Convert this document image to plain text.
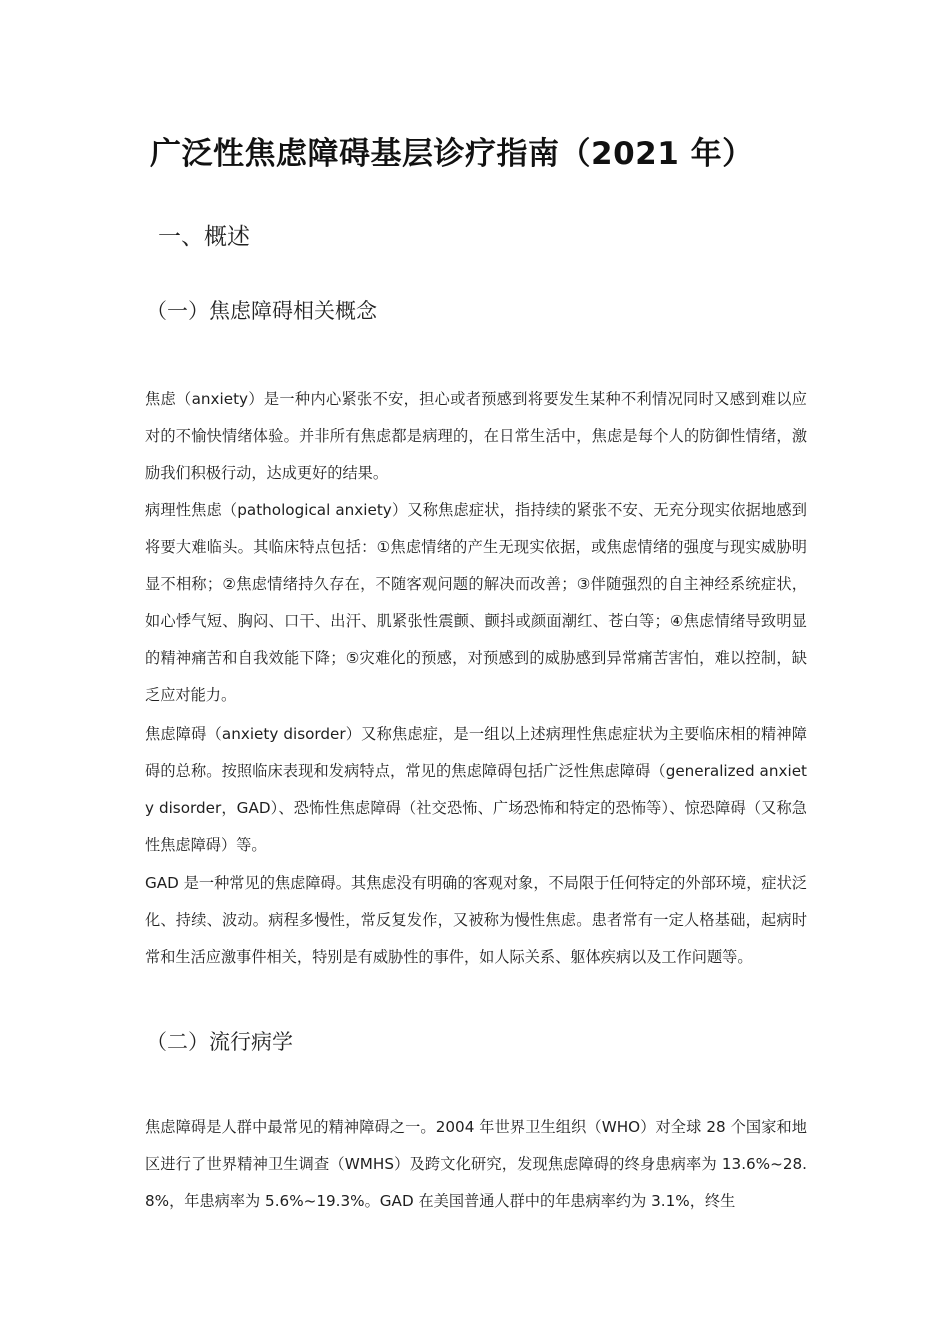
广泛性焦虑障碍基层诊疗指南（2021 年）
一、概述
（一）焦虑障碍相关概念

焦虑（anxiety）是一种内心紧张不安，担心或者预感到将要发生某种不利情况同时又感到难以应对的不愉快情绪体验。并非所有焦虑都是病理的，在日常生活中，焦虑是每个人的防御性情绪，激励我们积极行动，达成更好的结果。

病理性焦虑（pathological anxiety）又称焦虑症状，指持续的紧张不安、无充分现实依据地感到将要大难临头。其临床特点包括：①焦虑情绪的产生无现实依据，或焦虑情绪的强度与现实威胁明显不相称；②焦虑情绪持久存在，不随客观问题的解决而改善；③伴随强烈的自主神经系统症状，如心悸气短、胸闷、口干、出汗、肌紧张性震颤、颤抖或颜面潮红、苍白等；④焦虑情绪导致明显的精神痛苦和自我效能下降；⑤灾难化的预感，对预感到的威胁感到异常痛苦害怕，难以控制，缺乏应对能力。

焦虑障碍（anxiety disorder）又称焦虑症，是一组以上述病理性焦虑症状为主要临床相的精神障碍的总称。按照临床表现和发病特点，常见的焦虑障碍包括广泛性焦虑障碍（generalized anxiety disorder，GAD）、恐怖性焦虑障碍（社交恐怖、广场恐怖和特定的恐怖等）、惊恐障碍（又称急性焦虑障碍）等。

GAD 是一种常见的焦虑障碍。其焦虑没有明确的客观对象，不局限于任何特定的外部环境，症状泛化、持续、波动。病程多慢性，常反复发作，又被称为慢性焦虑。患者常有一定人格基础，起病时常和生活应激事件相关，特别是有威胁性的事件，如人际关系、躯体疾病以及工作问题等。

（二）流行病学

焦虑障碍是人群中最常见的精神障碍之一。2004 年世界卫生组织（WHO）对全球 28 个国家和地区进行了世界精神卫生调查（WMHS）及跨文化研究，发现焦虑障碍的终身患病率为 13.6%~28.8%，年患病率为 5.6%~19.3%。GAD 在美国普通人群中的年患病率约为 3.1%，终生
